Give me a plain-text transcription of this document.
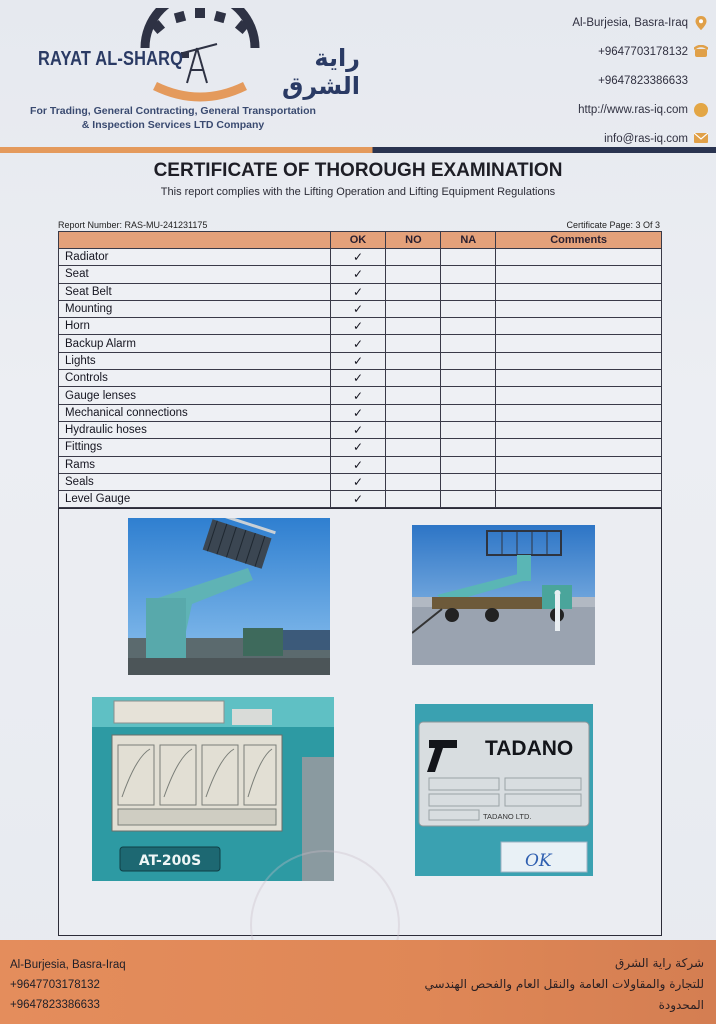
RAYAT AL-SHARQ	راية الشرق
For Trading, General Contracting, General Transportation
& Inspection Services LTD Company
Al-Burjesia, Basra-Iraq
+9647703178132
+9647823386633
http://www.ras-iq.com
info@ras-iq.com
CERTIFICATE OF THOROUGH EXAMINATION
This report complies with the Lifting Operation and Lifting Equipment Regulations
Report Number: RAS-MU-241231175	Certificate Page: 3 Of 3
	OK	NO	NA	Comments
Radiator	✓			
Seat	✓			
Seat Belt	✓			
Mounting	✓			
Horn	✓			
Backup Alarm	✓			
Lights	✓			
Controls	✓			
Gauge lenses	✓			
Mechanical connections	✓			
Hydraulic hoses	✓			
Fittings	✓			
Rams	✓			
Seals	✓			
Level Gauge	✓			
AT-200S
TADANO
TADANO LTD.
OK
Al-Burjesia, Basra-Iraq
+9647703178132
+9647823386633
شركة راية الشرق
للتجارة والمقاولات العامة والنقل العام والفحص الهندسي
المحدودة
